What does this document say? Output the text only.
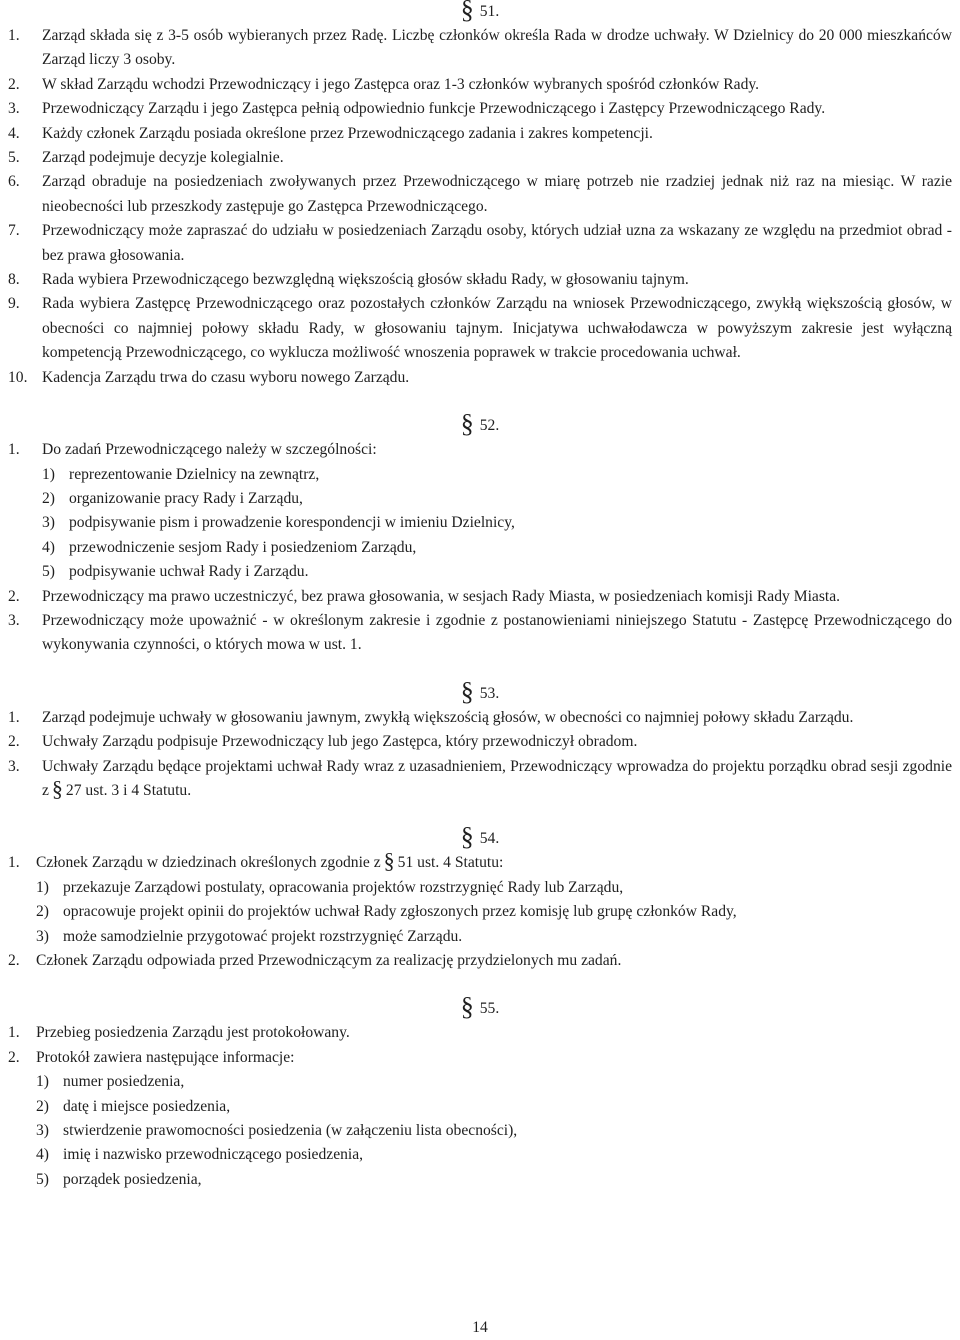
§ 51.
1.	Zarząd składa się z 3-5 osób wybieranych przez Radę. Liczbę członków określa Rada w drodze uchwały. W Dzielnicy do 20 000 mieszkańców Zarząd liczy 3 osoby.
2.	W skład Zarządu wchodzi Przewodniczący i jego Zastępca oraz 1-3 członków wybranych spośród członków Rady.
3.	Przewodniczący Zarządu i jego Zastępca pełnią odpowiednio funkcje Przewodniczącego i Zastępcy Przewodniczącego Rady.
4.	Każdy członek Zarządu posiada określone przez Przewodniczącego zadania i zakres kompetencji.
5.	Zarząd podejmuje decyzje kolegialnie.
6.	Zarząd obraduje na posiedzeniach zwoływanych przez Przewodniczącego w miarę potrzeb nie rzadziej jednak niż raz na miesiąc. W razie nieobecności lub przeszkody zastępuje go Zastępca Przewodniczącego.
7.	Przewodniczący może zapraszać do udziału w posiedzeniach Zarządu osoby, których udział uzna za wskazany ze względu na przedmiot obrad - bez prawa głosowania.
8.	Rada wybiera Przewodniczącego bezwzględną większością głosów składu Rady, w głosowaniu tajnym.
9.	Rada wybiera Zastępcę Przewodniczącego oraz pozostałych członków Zarządu na wniosek Przewodniczącego, zwykłą większością głosów, w obecności co najmniej połowy składu Rady, w głosowaniu tajnym. Inicjatywa uchwałodawcza w powyższym zakresie jest wyłączną kompetencją Przewodniczącego, co wyklucza możliwość wnoszenia poprawek w trakcie procedowania uchwał.
10. Kadencja Zarządu trwa do czasu wyboru nowego Zarządu.
§ 52.
1.	Do zadań Przewodniczącego należy w szczególności:
1) reprezentowanie Dzielnicy na zewnątrz,
2) organizowanie pracy Rady i Zarządu,
3) podpisywanie pism i prowadzenie korespondencji w imieniu Dzielnicy,
4) przewodniczenie sesjom Rady i posiedzeniom Zarządu,
5) podpisywanie uchwał Rady i Zarządu.
2.	Przewodniczący ma prawo uczestniczyć, bez prawa głosowania, w sesjach Rady Miasta, w posiedzeniach komisji Rady Miasta.
3.	Przewodniczący może upoważnić - w określonym zakresie i zgodnie z postanowieniami niniejszego Statutu - Zastępcę Przewodniczącego do wykonywania czynności, o których mowa w ust. 1.
§ 53.
1.	Zarząd podejmuje uchwały w głosowaniu jawnym, zwykłą większością głosów, w obecności co najmniej połowy składu Zarządu.
2.	Uchwały Zarządu podpisuje Przewodniczący lub jego Zastępca, który przewodniczył obradom.
3.	Uchwały Zarządu będące projektami uchwał Rady wraz z uzasadnieniem, Przewodniczący wprowadza do projektu porządku obrad sesji zgodnie z § 27 ust. 3 i 4 Statutu.
§ 54.
1.	Członek Zarządu w dziedzinach określonych zgodnie z § 51 ust. 4 Statutu:
1) przekazuje Zarządowi postulaty, opracowania projektów rozstrzygnięć Rady lub Zarządu,
2) opracowuje projekt opinii do projektów uchwał Rady zgłoszonych przez komisję lub grupę członków Rady,
3) może samodzielnie przygotować projekt rozstrzygnięć Zarządu.
2.	Członek Zarządu odpowiada przed Przewodniczącym za realizację przydzielonych mu zadań.
§ 55.
1.	Przebieg posiedzenia Zarządu jest protokołowany.
2.	Protokół zawiera następujące informacje:
1) numer posiedzenia,
2) datę i miejsce posiedzenia,
3) stwierdzenie prawomocności posiedzenia (w załączeniu lista obecności),
4) imię i nazwisko przewodniczącego posiedzenia,
5) porządek posiedzenia,
14
